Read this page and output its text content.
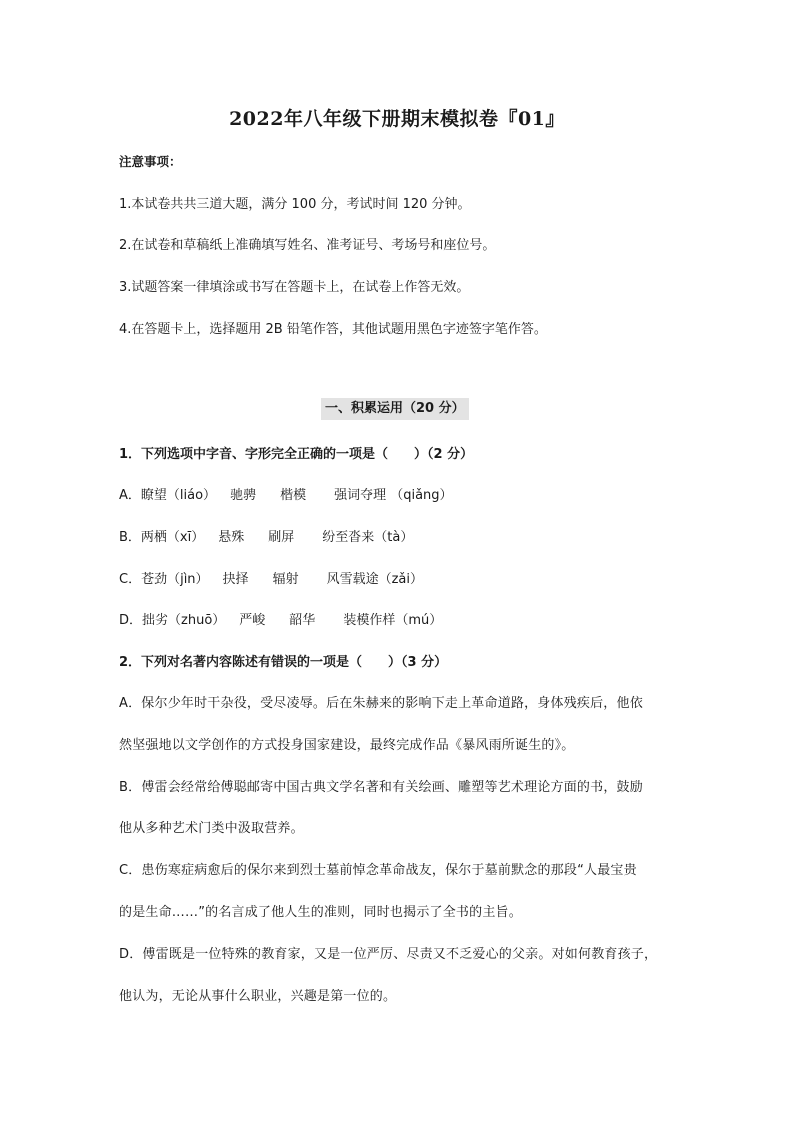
2022年八年级下册期末模拟卷『01』
注意事项：
1.本试卷共共三道大题，满分 100 分，考试时间 120 分钟。
2.在试卷和草稿纸上准确填写姓名、准考证号、考场号和座位号。
3.试题答案一律填涂或书写在答题卡上，在试卷上作答无效。
4.在答题卡上，选择题用 2B 铅笔作答，其他试题用黑色字迹签字笔作答。
一、积累运用（20 分）
1．下列选项中字音、字形完全正确的一项是（　　）（2 分）
A．瞭望（liáo） 驰骋 楷模 强词夺理 （qiǎng）
B．两栖（xī） 悬殊 刷屏 纷至沓来（tà）
C．苍劲（jìn） 抉择 辐射 风雪载途（zǎi）
D．拙劣（zhuō） 严峻 韶华 装模作样（mú）
2．下列对名著内容陈述有错误的一项是（　　）（3 分）
A．保尔少年时干杂役，受尽凌辱。后在朱赫来的影响下走上革命道路，身体残疾后，他依
然坚强地以文学创作的方式投身国家建设，最终完成作品《暴风雨所诞生的》。
B．傅雷会经常给傅聪邮寄中国古典文学名著和有关绘画、雕塑等艺术理论方面的书，鼓励
他从多种艺术门类中汲取营养。
C．患伤寒症病愈后的保尔来到烈士墓前悼念革命战友，保尔于墓前默念的那段“人最宝贵
的是生命……”的名言成了他人生的准则，同时也揭示了全书的主旨。
D．傅雷既是一位特殊的教育家，又是一位严厉、尽责又不乏爱心的父亲。对如何教育孩子，
他认为，无论从事什么职业，兴趣是第一位的。
